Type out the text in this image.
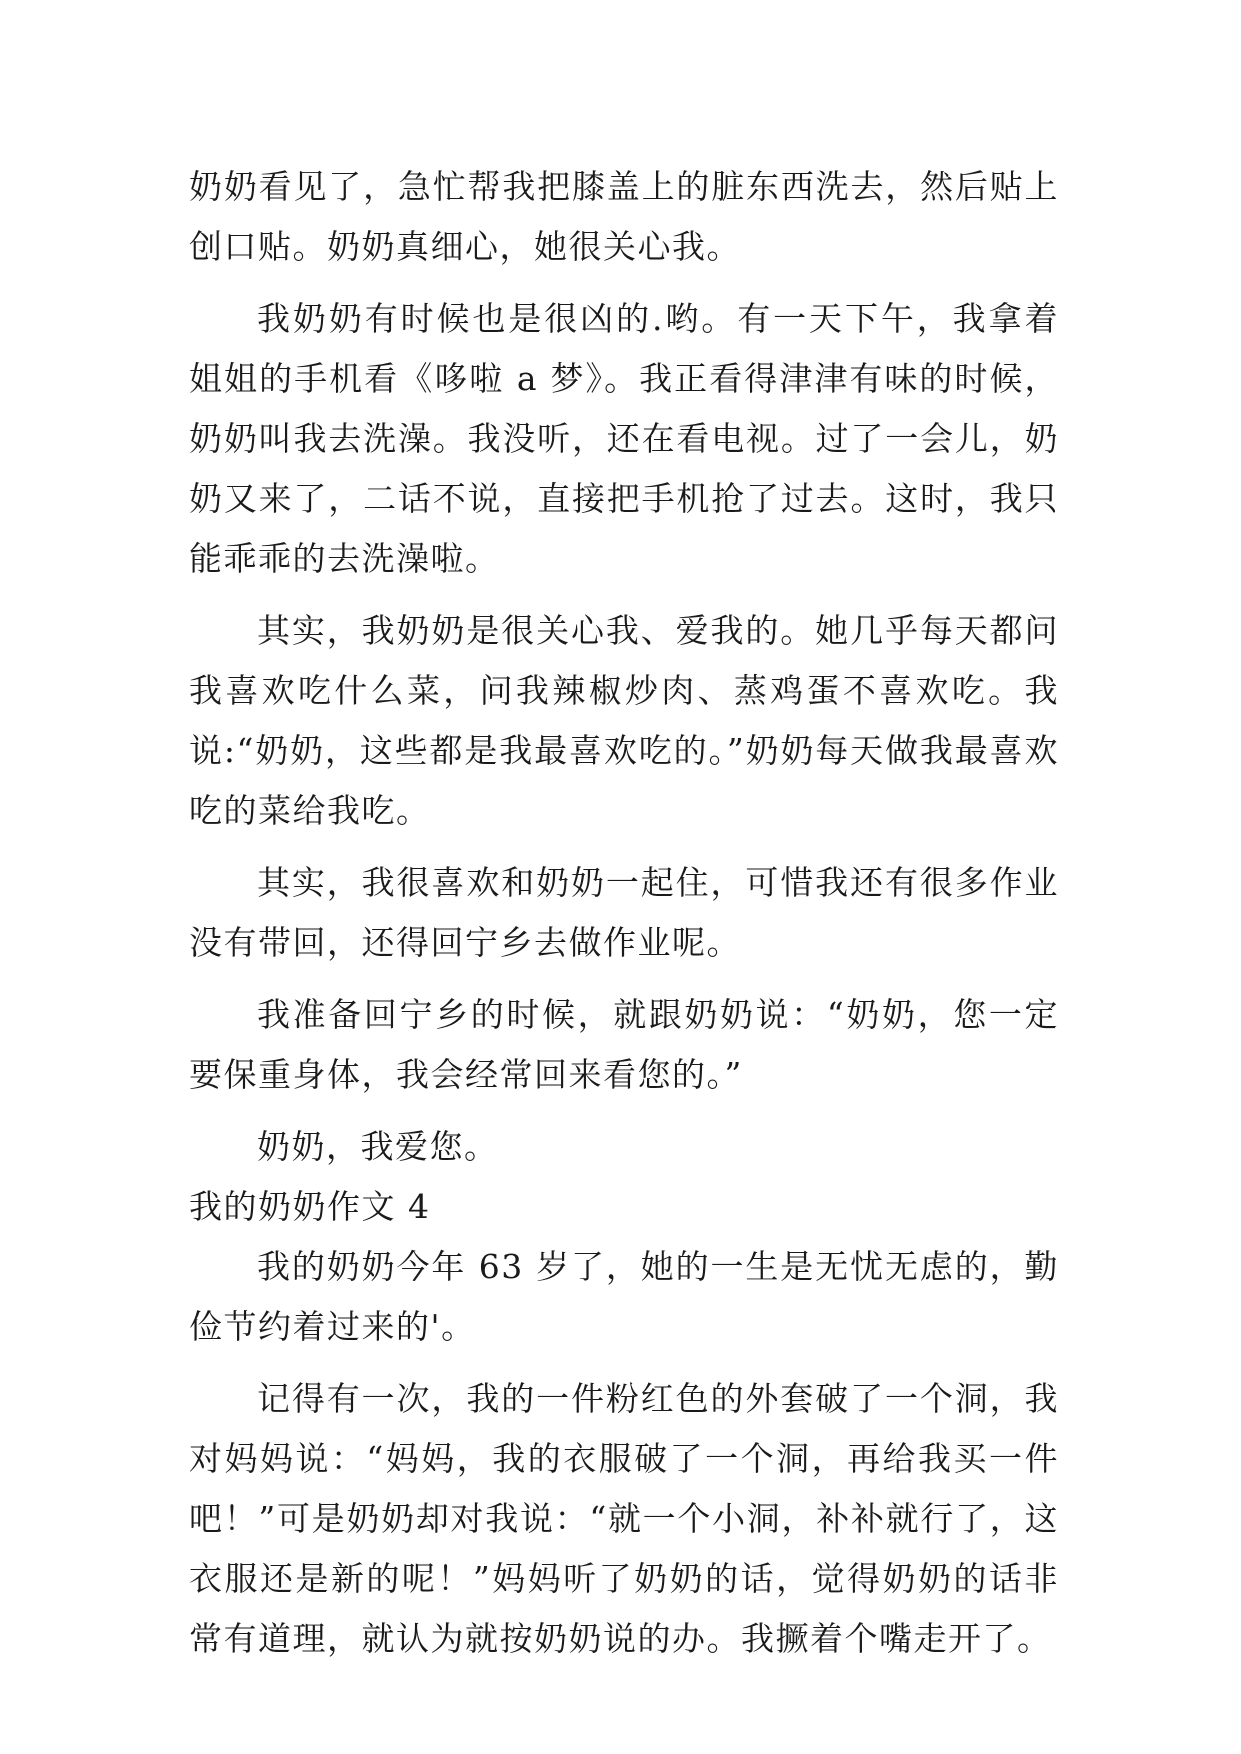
奶奶看见了，急忙帮我把膝盖上的脏东西洗去，然后贴上创口贴。奶奶真细心，她很关心我。

我奶奶有时候也是很凶的.哟。有一天下午，我拿着姐姐的手机看《哆啦 a 梦》。我正看得津津有味的时候，奶奶叫我去洗澡。我没听，还在看电视。过了一会儿，奶奶又来了，二话不说，直接把手机抢了过去。这时，我只能乖乖的去洗澡啦。

其实，我奶奶是很关心我、爱我的。她几乎每天都问我喜欢吃什么菜，问我辣椒炒肉、蒸鸡蛋不喜欢吃。我说:“奶奶，这些都是我最喜欢吃的。”奶奶每天做我最喜欢吃的菜给我吃。

其实，我很喜欢和奶奶一起住，可惜我还有很多作业没有带回，还得回宁乡去做作业呢。

我准备回宁乡的时候，就跟奶奶说：“奶奶，您一定要保重身体，我会经常回来看您的。”

奶奶，我爱您。

我的奶奶作文 4

我的奶奶今年 63 岁了，她的一生是无忧无虑的，勤俭节约着过来的'。

记得有一次，我的一件粉红色的外套破了一个洞，我对妈妈说：“妈妈，我的衣服破了一个洞，再给我买一件吧！”可是奶奶却对我说：“就一个小洞，补补就行了，这衣服还是新的呢！”妈妈听了奶奶的话，觉得奶奶的话非常有道理，就认为就按奶奶说的办。我撅着个嘴走开了。
